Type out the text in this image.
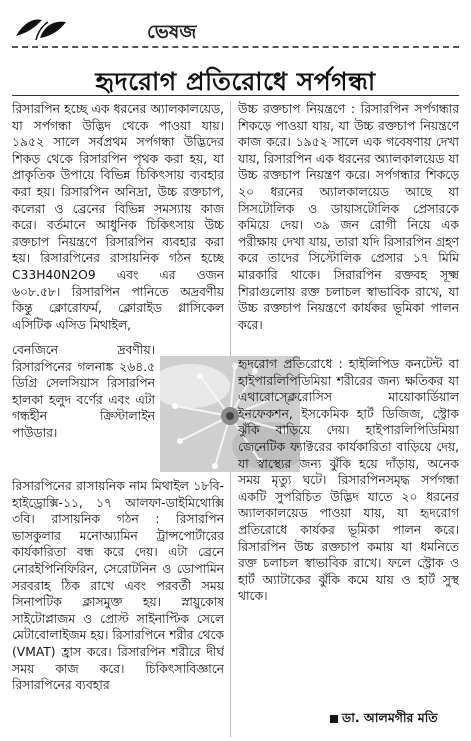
ভেষজ
হৃদরোগ প্রতিরোধে সর্পগন্ধা

রিসারপিন হচ্ছে এক ধরনের অ্যালকালয়েড, যা সর্পগন্ধা উদ্ভিদ থেকে পাওয়া যায়। ১৯৫২ সালে সর্বপ্রথম সর্পগন্ধা উদ্ভিদের শিকড় থেকে রিসারপিন পৃথক করা হয়, যা প্রাকৃতিক উপায়ে বিভিন্ন চিকিৎসায় ব্যবহার করা হয়। রিসারপিন অনিদ্রা, উচ্চ রক্তচাপ, কলেরা ও ব্রেনের বিভিন্ন সমস্যায় কাজ করে। বর্তমানে আধুনিক চিকিৎসায় উচ্চ রক্তচাপ নিয়ন্ত্রণে রিসারপিন ব্যবহার করা হয়। রিসারপিনের রাসায়নিক গঠন হচ্ছে C33H40N2O9 এবং এর ওজন ৬০৮.৫৮। রিসারপিন পানিতে অদ্রবণীয় কিন্তু ক্লোরোফর্ম, ক্লোরাইড গ্লাসিকেল এসিটিক এসিড মিথাইল,

বেনজিনে দ্রবণীয়। রিসারপিনের গলনাঙ্ক ২৬৪.৫ ডিগ্রি সেলসিয়াস রিসারপিন হালকা হলুদ বর্ণের এবং এটা গন্ধহীন ক্রিস্টালাইন পাউডার।

রিসারপিনের রাসায়নিক নাম মিথাইল ১৮বি-হাইড্রোক্সি-১১, ১৭ আলফা-ডাইমিথোক্সি ৩বি। রাসায়নিক গঠন : রিসারপিন ভাসকুলার মনোঅ্যামিন ট্রান্সপোর্টারের কার্যকারিতা বন্ধ করে দেয়। এটা ব্রেনে নোরইপিনিফিরিন, সেরোটনিন ও ডোপামিন সরবরাহ ঠিক রাখে এবং পরবর্তী সময় সিনাপটিক ক্লাসমুক্ত হয়। স্নায়ুকোষ সাইটোপ্লাজম ও প্রোস্ট সাইনাপ্টিক সেলে মেটাবোলাইজম হয়। রিসারপিনে শরীর থেকে (VMAT) হ্রাস করে। রিসারপিন শরীরে দীর্ঘ সময় কাজ করে। চিকিৎসাবিজ্ঞানে রিসারপিনের ব্যবহার

উচ্চ রক্তচাপ নিয়ন্ত্রণে : রিসারপিন সর্পগন্ধার শিকড়ে পাওয়া যায়, যা উচ্চ রক্তচাপ নিয়ন্ত্রণে কাজ করে। ১৯৫২ সালে এক গবেষণায় দেখা যায়, রিসারপিন এক ধরনের অ্যালকালয়েড যা উচ্চ রক্তচাপ নিয়ন্ত্রণ করে। সর্পগন্ধার শিকড়ে ২০ ধরনের অ্যালকালয়েড আছে যা সিসটোলিক ও ডায়াসটোলিক প্রেসারকে কমিয়ে দেয়। ৩৯ জন রোগী নিয়ে এক পরীক্ষায় দেখা যায়, তারা যদি রিসারপিন গ্রহণ করে তাদের সিস্টোলিক প্রেসার ১৭ মিমি মারকারি থাকে। সিরারপিন রক্তবহ সূক্ষ্ম শিরাগুলোয় রক্ত চলাচল স্বাভাবিক রাখে, যা উচ্চ রক্তচাপ নিয়ন্ত্রণে কার্যকর ভূমিকা পালন করে।

হৃদরোগ প্রতিরোধে : হাইলিপিড কনটেন্ট বা হাইপারলিপিডিমিয়া শরীরের জন্য ক্ষতিকর যা এথারোস্ক্লেরোসিস মায়োকার্ডিয়াল ইনফেকশন, ইসকেমিক হার্ট ডিজিজ, স্ট্রোক ঝুঁকি বাড়িয়ে দেয়। হাইপারলিপিডিমিয়া জেনেটিক ফ্যাক্টরের কার্যকারিতা বাড়িয়ে দেয়, যা স্বাস্থ্যের জন্য ঝুঁকি হয়ে দাঁড়ায়, অনেক সময় মৃত্যু ঘটে। রিসারপিনসমৃদ্ধ সর্পগন্ধা একটি সুপরিচিত উদ্ভিদ যাতে ২০ ধরনের অ্যালকালয়েড পাওয়া যায়, যা হৃদরোগ প্রতিরোধে কার্যকর ভূমিকা পালন করে। রিসারপিন উচ্চ রক্তচাপ কমায় যা ধমনিতে রক্ত চলাচল স্বাভাবিক রাখে। ফলে স্ট্রোক ও হার্ট অ্যাটাকের ঝুঁকি কমে যায় ও হার্ট সুস্থ থাকে।

ডা. আলমগীর মতি
